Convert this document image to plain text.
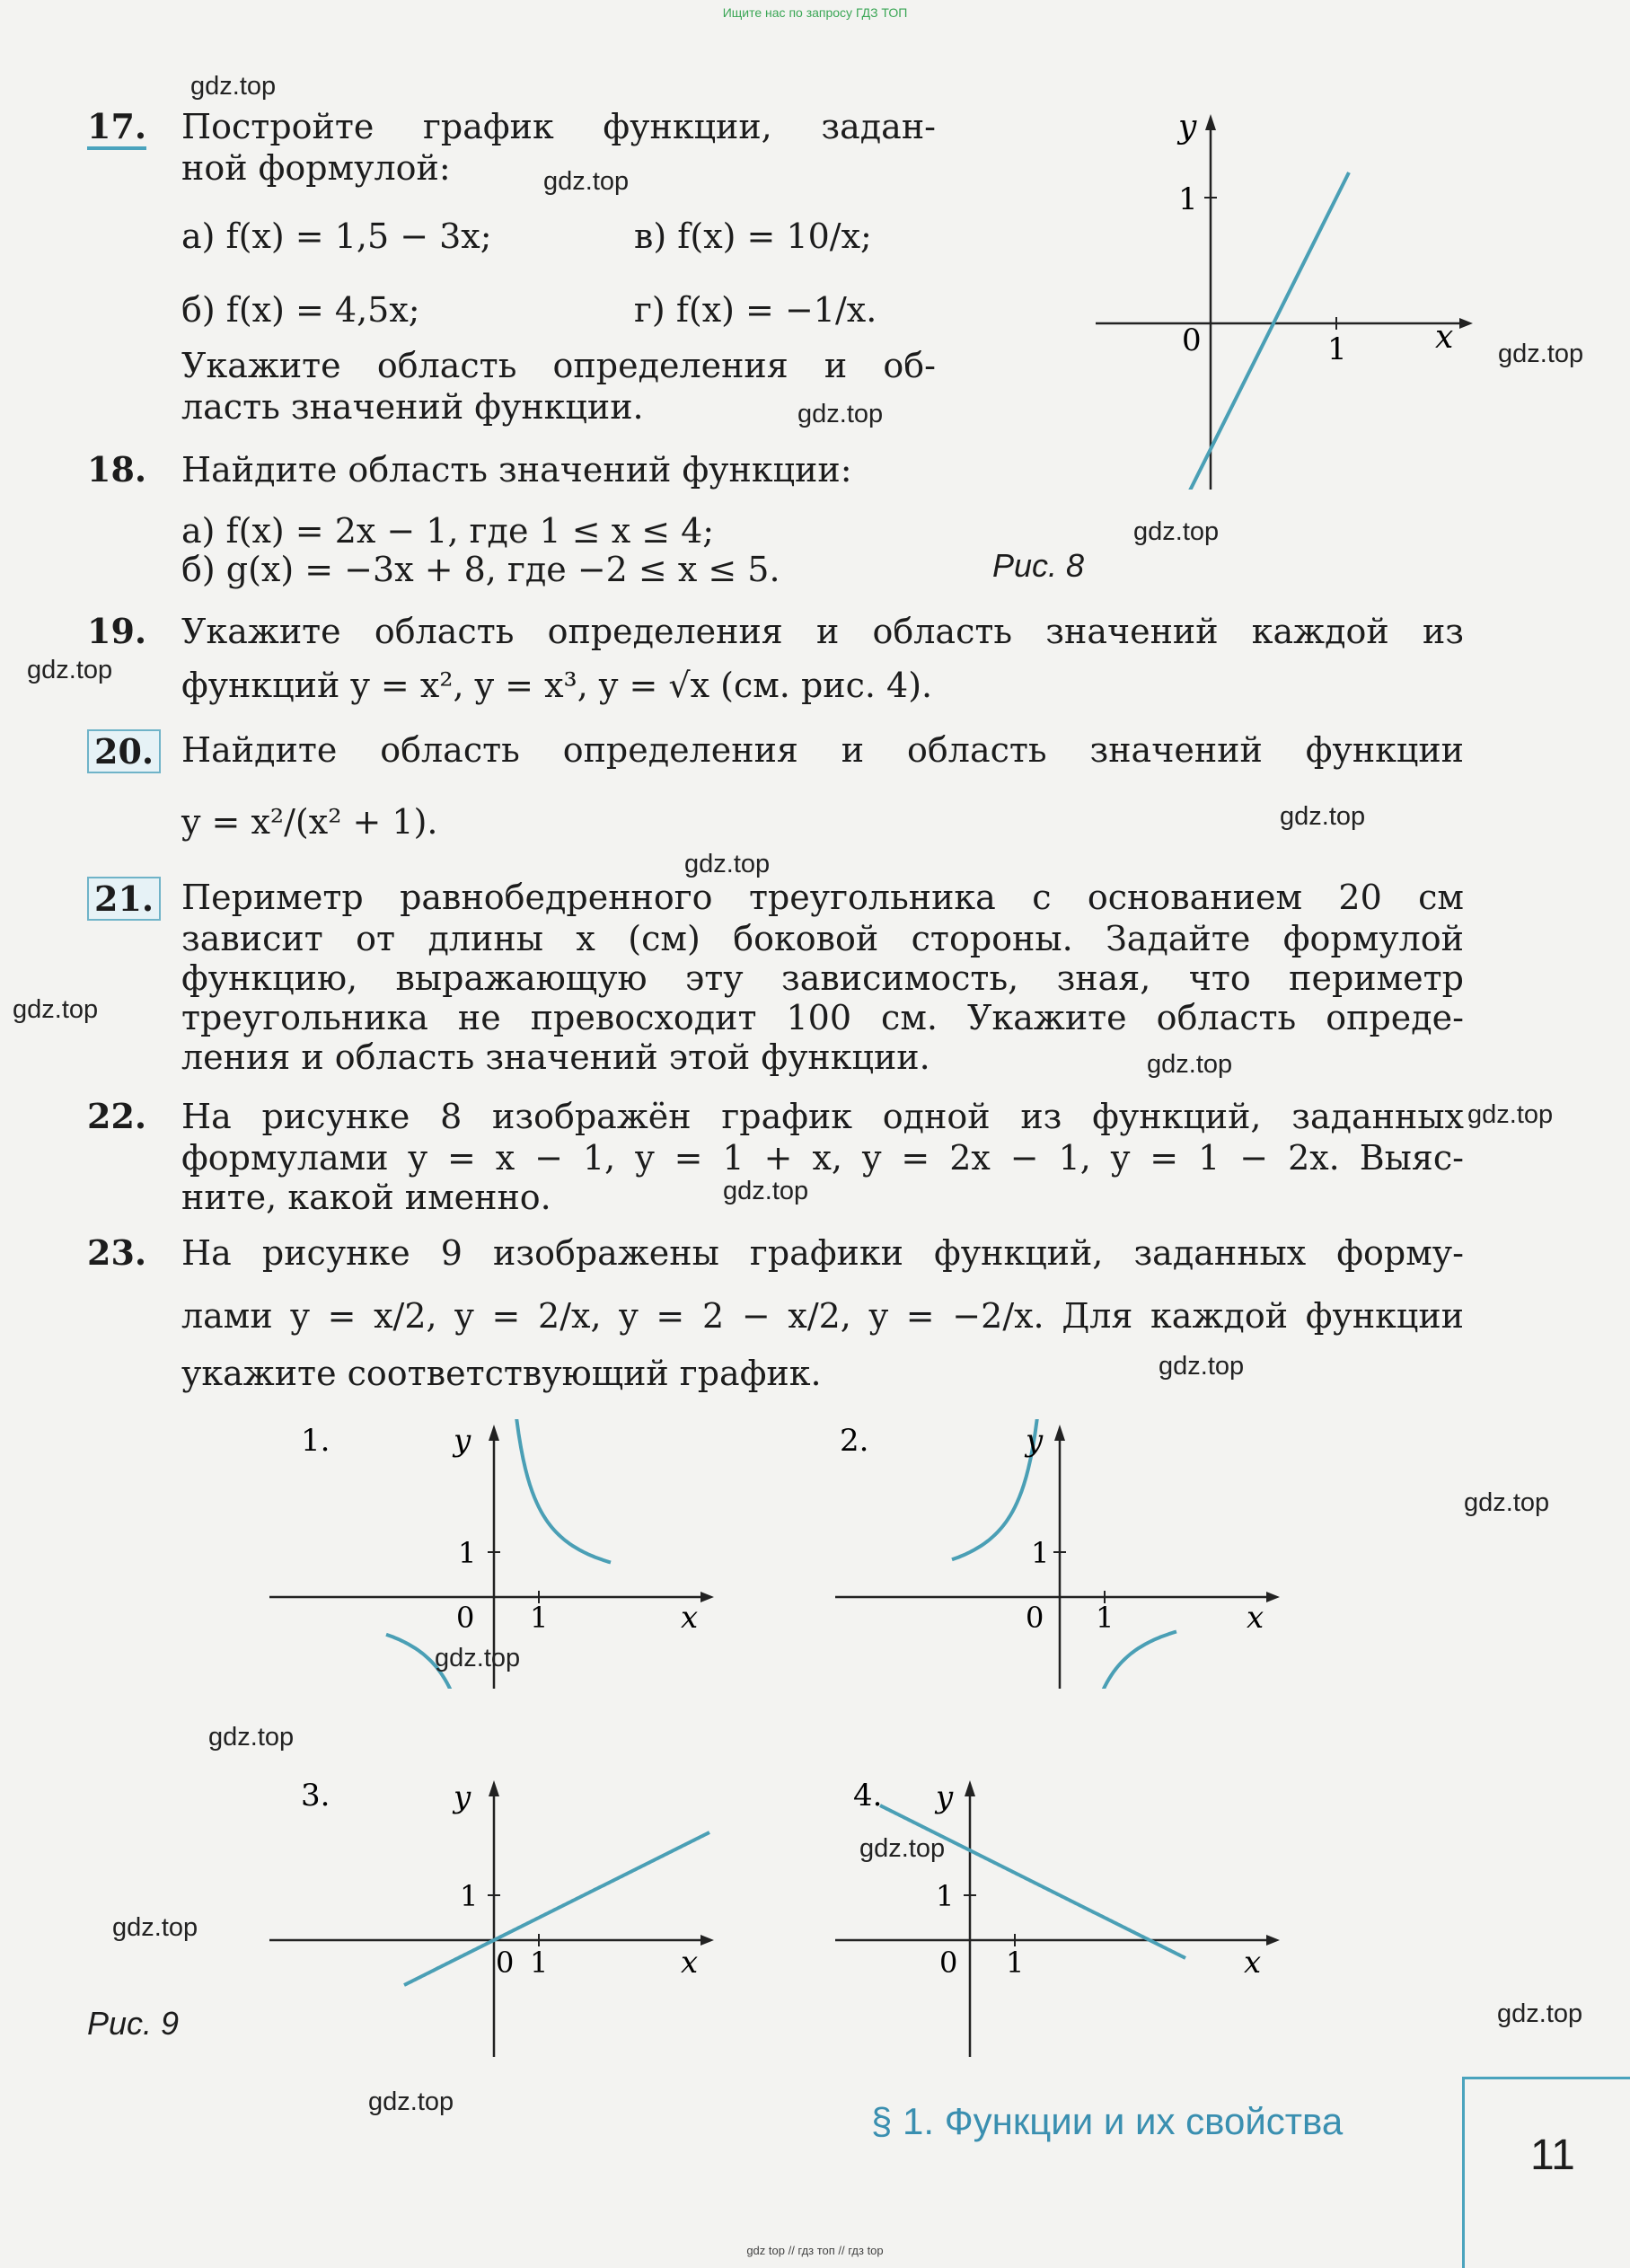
Ищите нас по запросу ГДЗ ТОП
17. Постройте график функции, задан-
ной формулой:
а) f(x) = 1,5 − 3x;	в) f(x) = 10/x;
б) f(x) = 4,5x;	г) f(x) = −1/x.
Укажите область определения и об-
ласть значений функции.
0	1
1
x
y
18. Найдите область значений функции:
а) f(x) = 2x − 1, где 1 ≤ x ≤ 4;
б) g(x) = −3x + 8, где −2 ≤ x ≤ 5.	Рис. 8
19. Укажите область определения и область значений каждой из
функций y = x², y = x³, y = √x (см. рис. 4).
20. Найдите область определения и область значений функции
y = x²/(x² + 1).
21. Периметр равнобедренного треугольника с основанием 20 см
зависит от длины x (см) боковой стороны. Задайте формулой
функцию, выражающую эту зависимость, зная, что периметр
треугольника не превосходит 100 см. Укажите область опреде-
ления и область значений этой функции.
22. На рисунке 8 изображён график одной из функций, заданных
формулами y = x − 1, y = 1 + x, y = 2x − 1, y = 1 − 2x. Выяс-
ните, какой именно.
23. На рисунке 9 изображены графики функций, заданных форму-
лами y = x/2, y = 2/x, y = 2 − x/2, y = −2/x. Для каждой функции
укажите соответствующий график.
1.
0 1
1
x
y	2.
0 1
1
x
y
3.
0 1
1
x
y	4.
0 1
1
x
y
Рис. 9
§ 1. Функции и их свойства
11
gdz.top
gdz.top
gdz.top
gdz.top
gdz.top
gdz.top
gdz.top
gdz.top
gdz.top
gdz.top
gdz.top
gdz.top
gdz.top
gdz.top
gdz.top
gdz.top
gdz.top
gdz.top
gdz.top
gdz.top
gdz top // гдз топ // гдз top
